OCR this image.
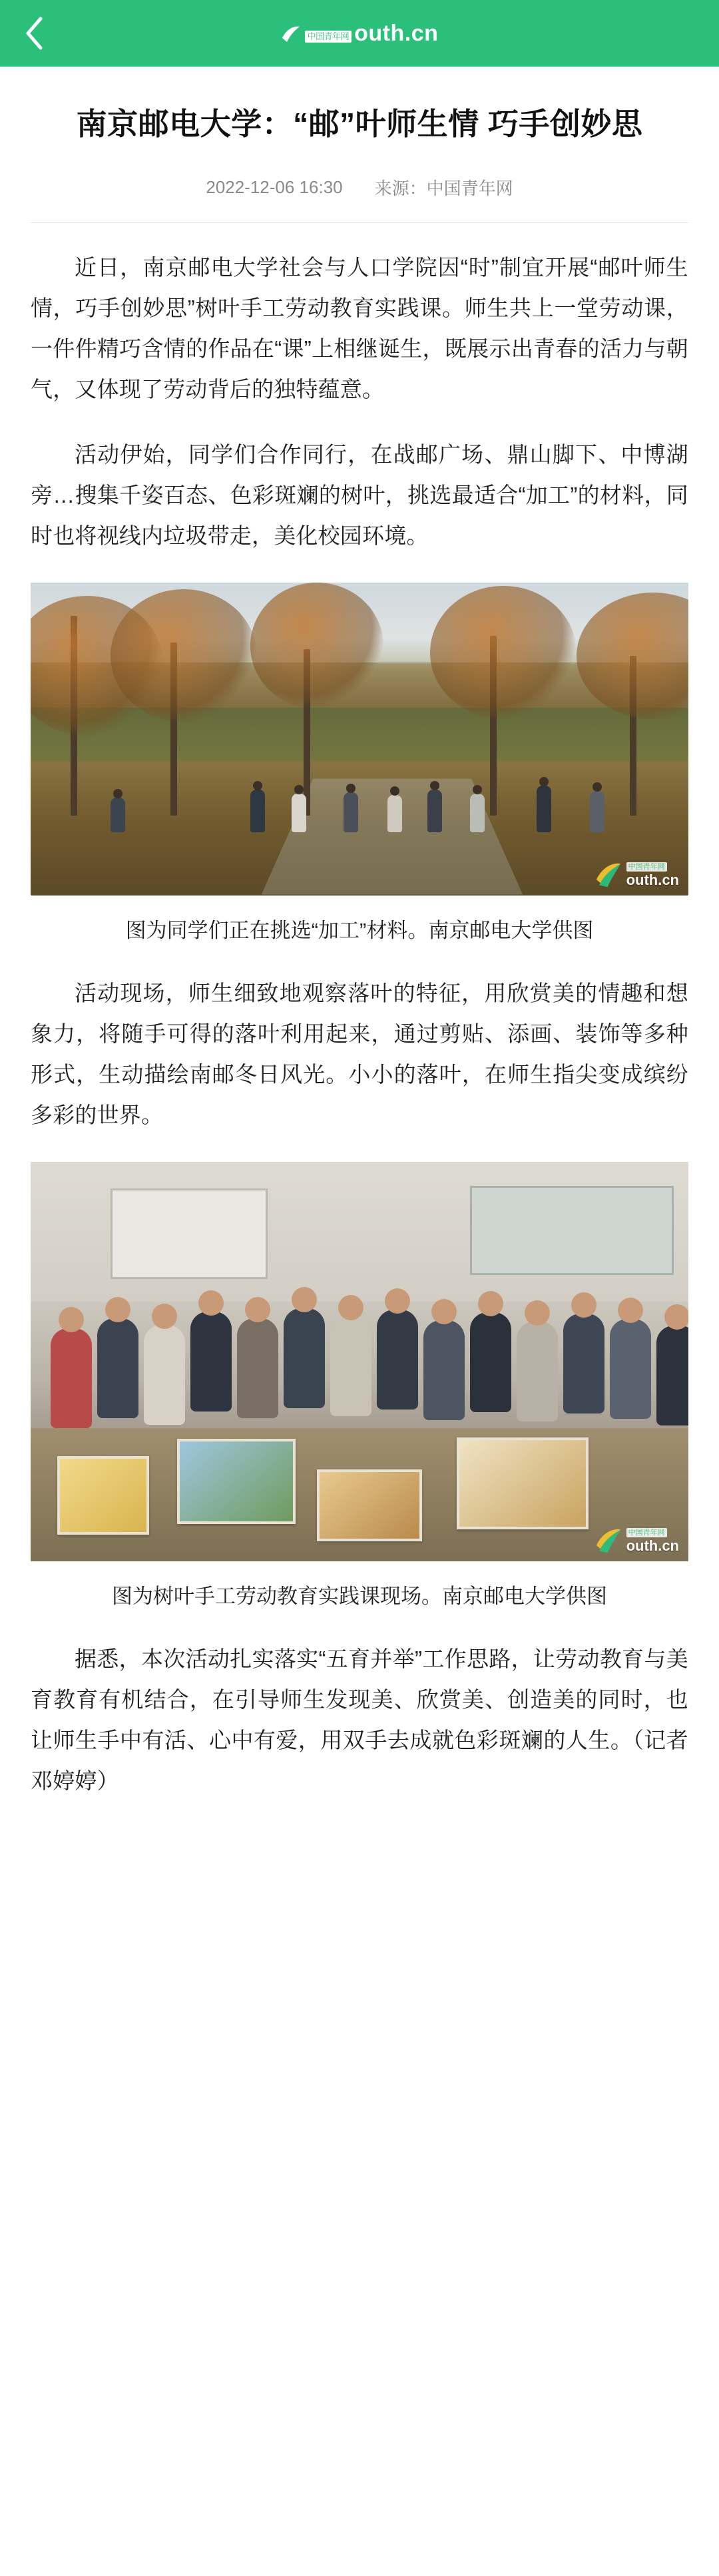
中国青年网 outh.cn
南京邮电大学：“邮”叶师生情 巧手创妙思
2022-12-06 16:30 来源：中国青年网

近日，南京邮电大学社会与人口学院因“时”制宜开展“邮叶师生情，巧手创妙思”树叶手工劳动教育实践课。师生共上一堂劳动课，一件件精巧含情的作品在“课”上相继诞生，既展示出青春的活力与朝气，又体现了劳动背后的独特蕴意。

活动伊始，同学们合作同行，在战邮广场、鼎山脚下、中博湖旁…搜集千姿百态、色彩斑斓的树叶，挑选最适合“加工”的材料，同时也将视线内垃圾带走，美化校园环境。

中国青年网
outh.cn
图为同学们正在挑选“加工”材料。南京邮电大学供图

活动现场，师生细致地观察落叶的特征，用欣赏美的情趣和想象力，将随手可得的落叶利用起来，通过剪贴、添画、装饰等多种形式，生动描绘南邮冬日风光。小小的落叶，在师生指尖变成缤纷多彩的世界。

中国青年网
outh.cn
图为树叶手工劳动教育实践课现场。南京邮电大学供图

据悉，本次活动扎实落实“五育并举”工作思路，让劳动教育与美育教育有机结合，在引导师生发现美、欣赏美、创造美的同时，也让师生手中有活、心中有爱，用双手去成就色彩斑斓的人生。（记者 邓婷婷）
